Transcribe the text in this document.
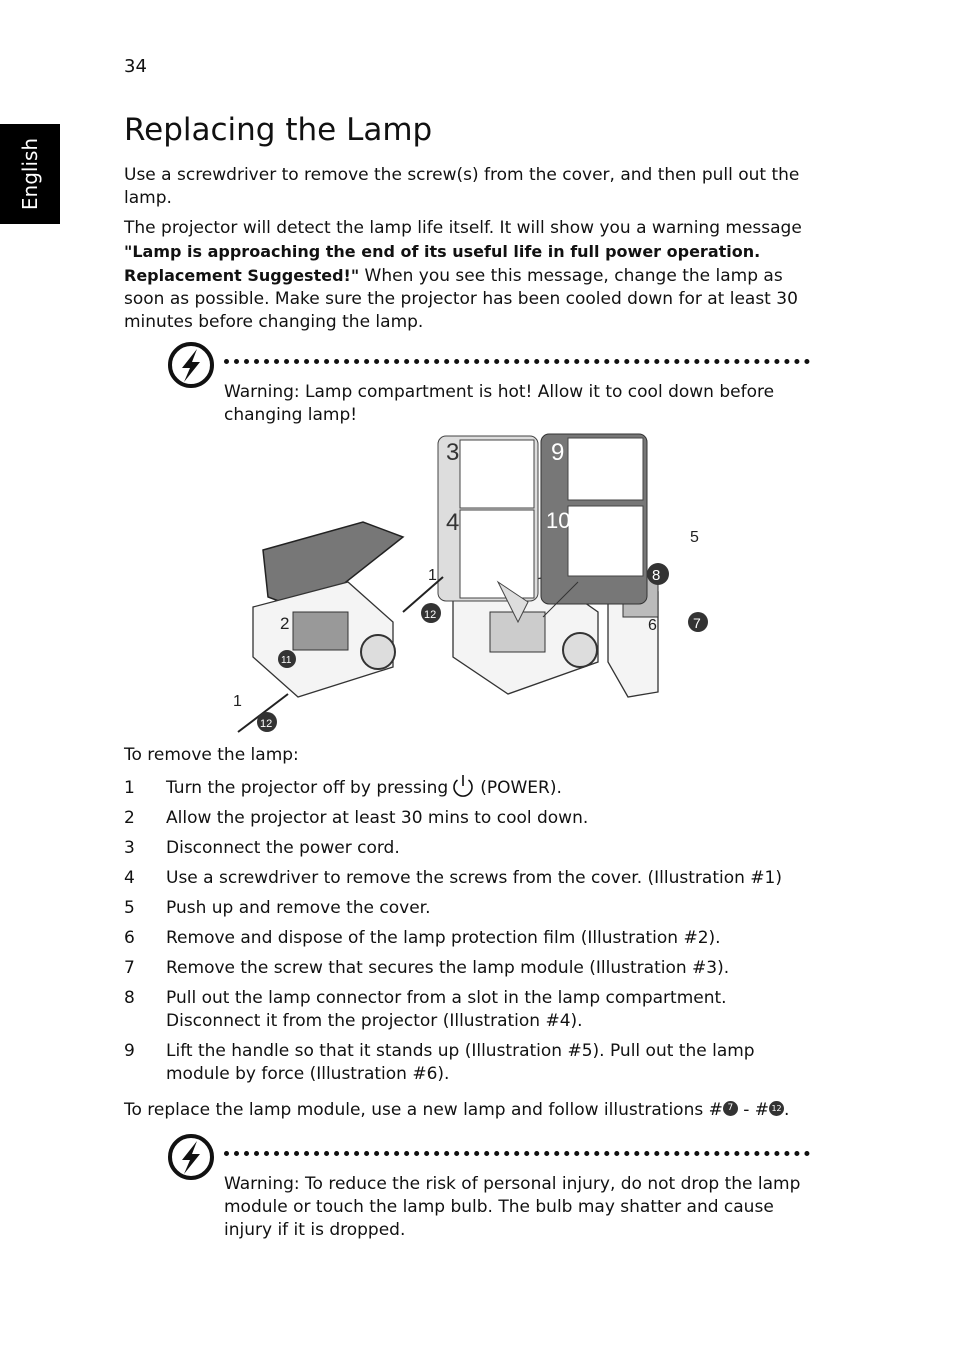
34
English
Replacing the Lamp

Use a screwdriver to remove the screw(s) from the cover, and then pull out the lamp.

The projector will detect the lamp life itself. It will show you a warning message "Lamp is approaching the end of its useful life in full power operation. Replacement Suggested!" When you see this message, change the lamp as soon as possible. Make sure the projector has been cooled down for at least 30 minutes before changing the lamp.

Warning: Lamp compartment is hot! Allow it to cool down before changing lamp!

3
4
9
10
5
8
6	7
1
12
2
11
1
12
To remove the lamp:
1 Turn the projector off by pressing (POWER).
2 Allow the projector at least 30 mins to cool down.
3 Disconnect the power cord.
4 Use a screwdriver to remove the screws from the cover. (Illustration #1)
5 Push up and remove the cover.
6 Remove and dispose of the lamp protection film (Illustration #2).
7 Remove the screw that secures the lamp module (Illustration #3).
8 Pull out the lamp connector from a slot in the lamp compartment. Disconnect it from the projector (Illustration #4).
9 Lift the handle so that it stands up (Illustration #5). Pull out the lamp module by force (Illustration #6).

To replace the lamp module, use a new lamp and follow illustrations # 7 - # 12 .

Warning: To reduce the risk of personal injury, do not drop the lamp module or touch the lamp bulb. The bulb may shatter and cause injury if it is dropped.
